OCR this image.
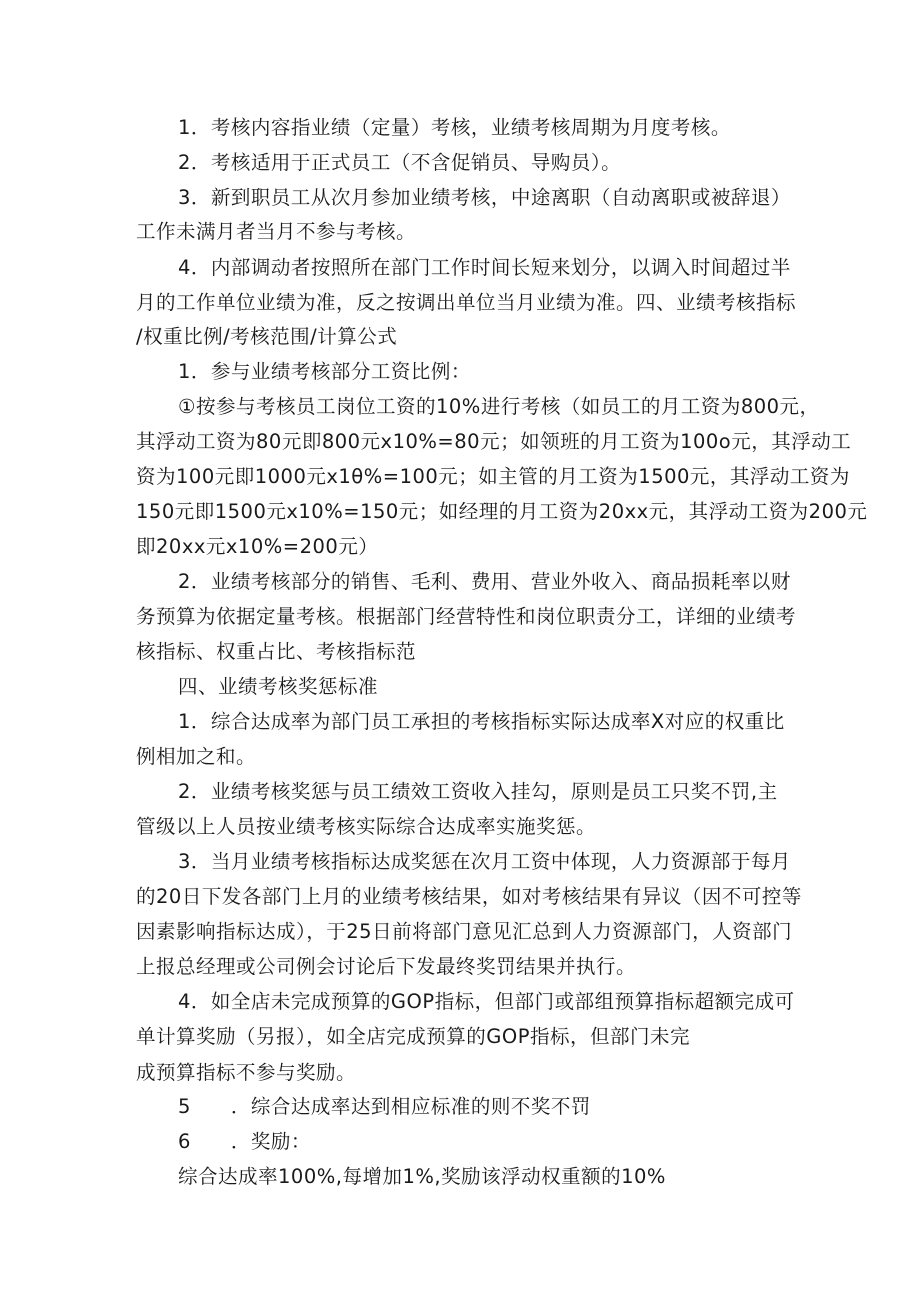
1．考核内容指业绩（定量）考核，业绩考核周期为月度考核。
2．考核适用于正式员工（不含促销员、导购员）。
3．新到职员工从次月参加业绩考核，中途离职（自动离职或被辞退）
工作未满月者当月不参与考核。
4．内部调动者按照所在部门工作时间长短来划分，以调入时间超过半
月的工作单位业绩为准，反之按调出单位当月业绩为准。四、业绩考核指标
/权重比例/考核范围/计算公式
1．参与业绩考核部分工资比例：
①按参与考核员工岗位工资的10%进行考核（如员工的月工资为800元，
其浮动工资为80元即800元x10%=80元；如领班的月工资为100o元，其浮动工
资为100元即1000元x1θ%=100元；如主管的月工资为1500元，其浮动工资为
150元即1500元x10%=150元；如经理的月工资为20xx元，其浮动工资为200元
即20xx元x10%=200元）
2．业绩考核部分的销售、毛利、费用、营业外收入、商品损耗率以财
务预算为依据定量考核。根据部门经营特性和岗位职责分工，详细的业绩考
核指标、权重占比、考核指标范
四、业绩考核奖惩标准
1．综合达成率为部门员工承担的考核指标实际达成率X对应的权重比
例相加之和。
2．业绩考核奖惩与员工绩效工资收入挂勾，原则是员工只奖不罚,主
管级以上人员按业绩考核实际综合达成率实施奖惩。
3．当月业绩考核指标达成奖惩在次月工资中体现，人力资源部于每月
的20日下发各部门上月的业绩考核结果，如对考核结果有异议（因不可控等
因素影响指标达成），于25日前将部门意见汇总到人力资源部门，人资部门
上报总经理或公司例会讨论后下发最终奖罚结果并执行。
4．如全店未完成预算的GOP指标，但部门或部组预算指标超额完成可
单计算奖励（另报），如全店完成预算的GOP指标，但部门未完
成预算指标不参与奖励。
5　　．综合达成率达到相应标准的则不奖不罚
6　　．奖励：
综合达成率100%,每增加1%,奖励该浮动权重额的10%
